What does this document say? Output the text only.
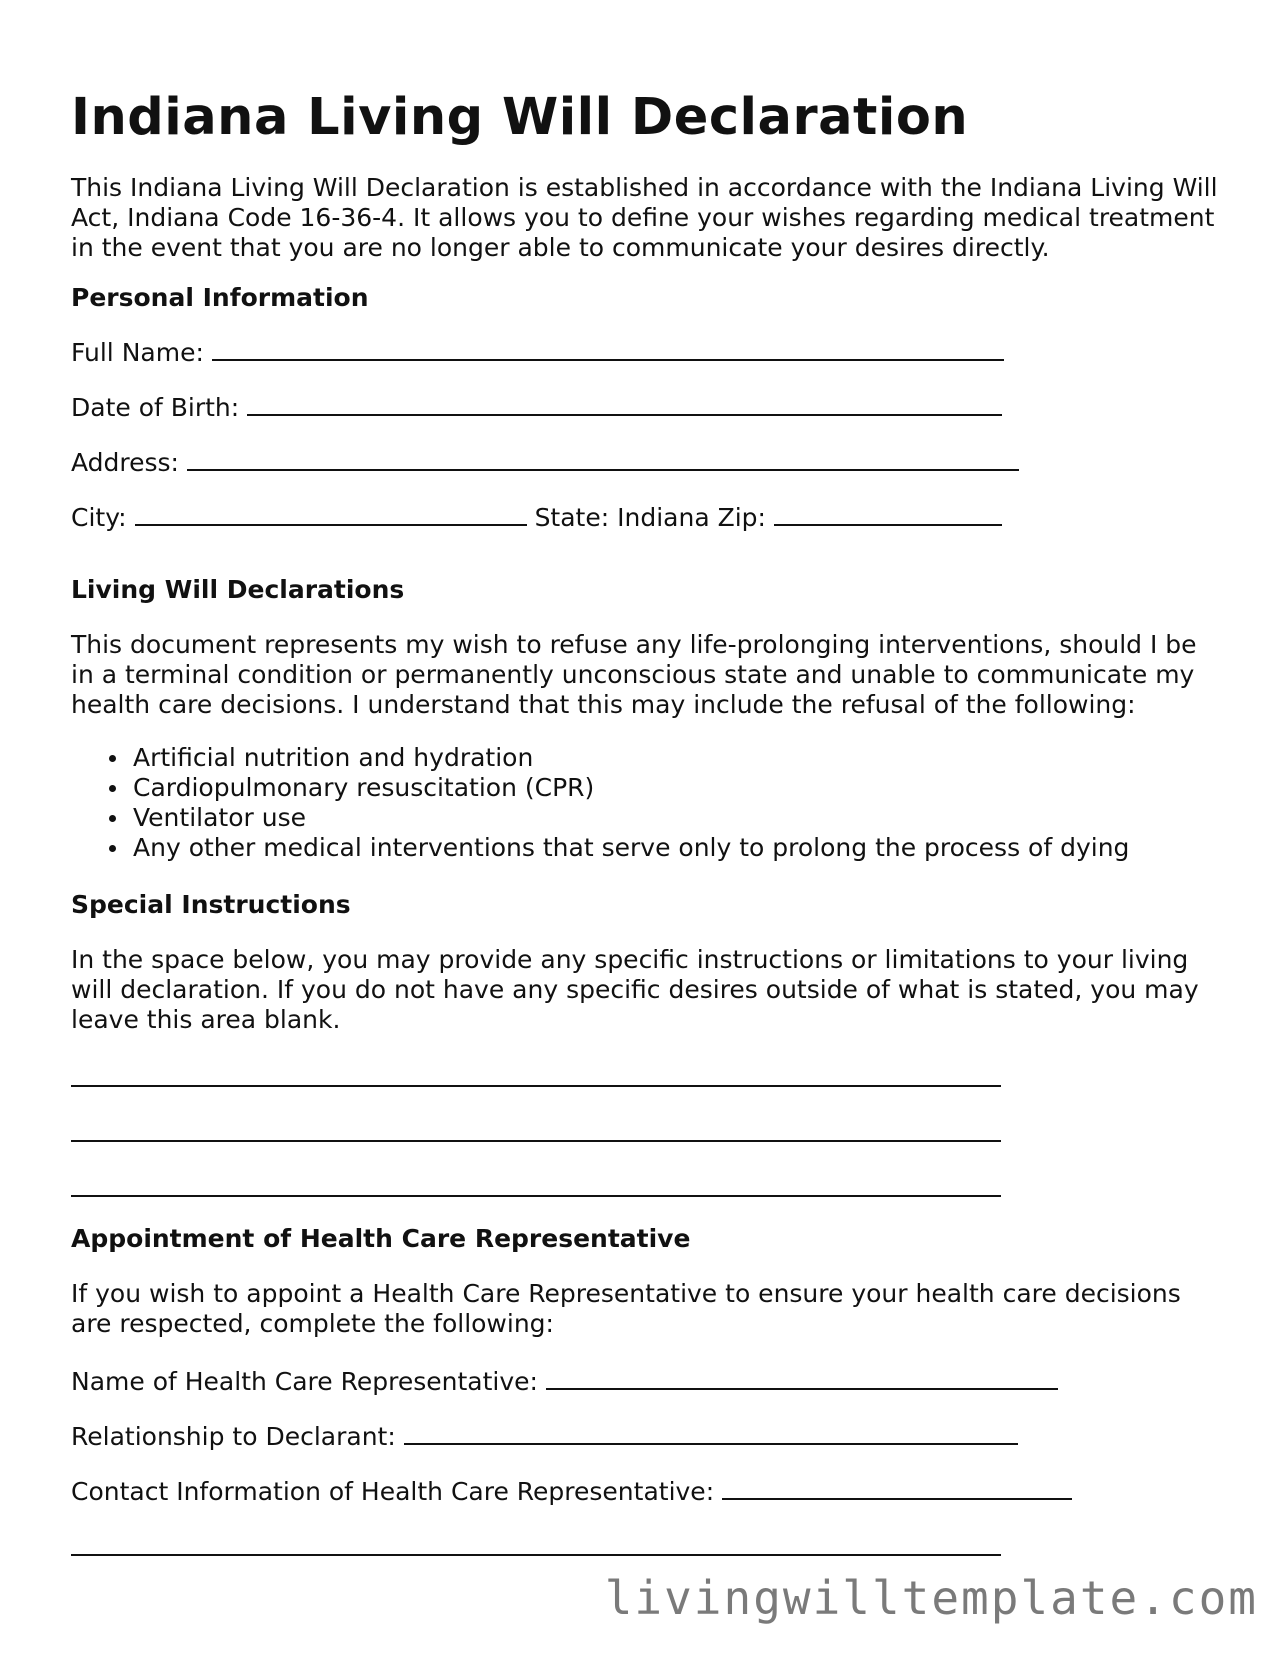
Indiana Living Will Declaration

This Indiana Living Will Declaration is established in accordance with the Indiana Living Will Act, Indiana Code 16-36-4. It allows you to define your wishes regarding medical treatment in the event that you are no longer able to communicate your desires directly.

Personal Information

Full Name:

Date of Birth:

Address:

City:	State: Indiana Zip:

Living Will Declarations

This document represents my wish to refuse any life-prolonging interventions, should I be in a terminal condition or permanently unconscious state and unable to communicate my health care decisions. I understand that this may include the refusal of the following:

Artificial nutrition and hydration
Cardiopulmonary resuscitation (CPR)
Ventilator use
Any other medical interventions that serve only to prolong the process of dying

Special Instructions

In the space below, you may provide any specific instructions or limitations to your living will declaration. If you do not have any specific desires outside of what is stated, you may leave this area blank.

Appointment of Health Care Representative

If you wish to appoint a Health Care Representative to ensure your health care decisions are respected, complete the following:

Name of Health Care Representative:

Relationship to Declarant:

Contact Information of Health Care Representative:

livingwilltemplate.com
